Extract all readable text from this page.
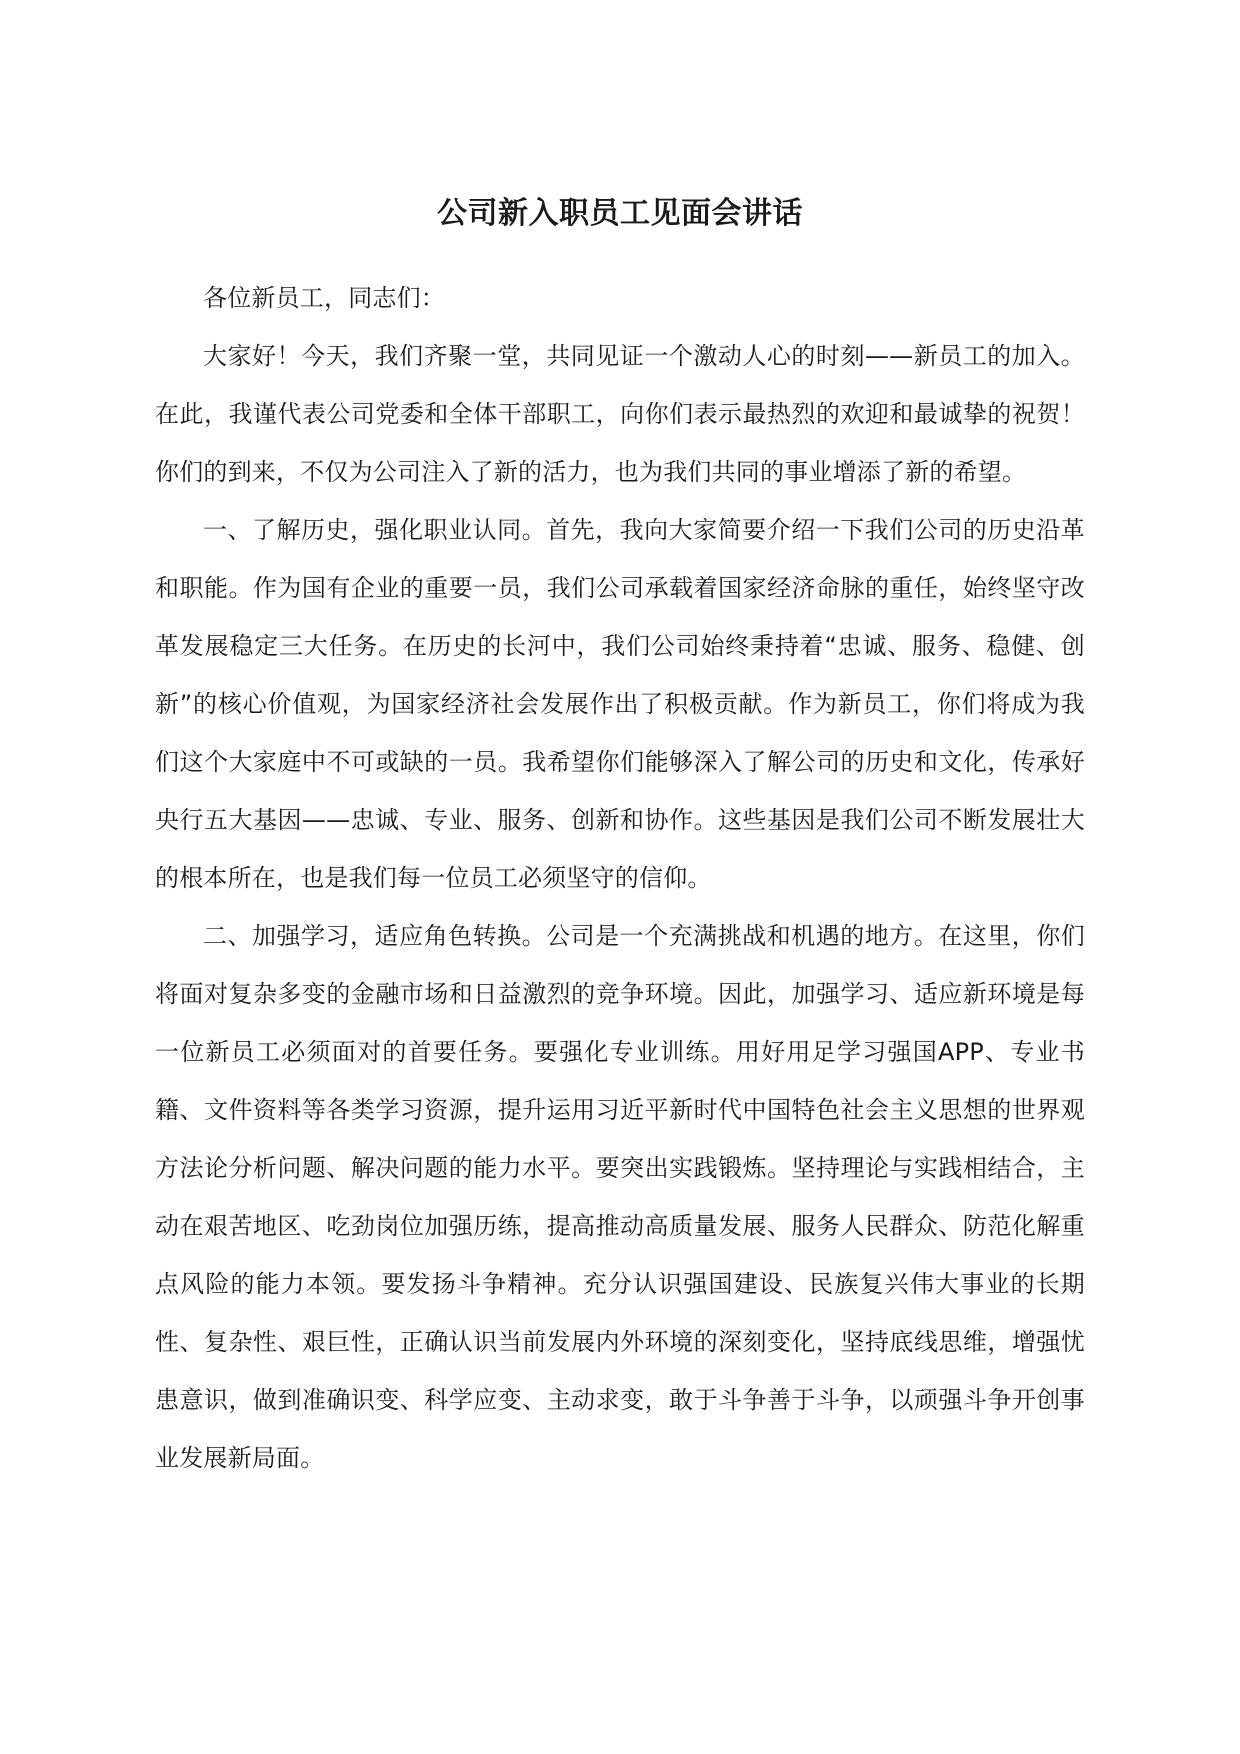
公司新入职员工见面会讲话

各位新员工，同志们：

大家好！今天，我们齐聚一堂，共同见证一个激动人心的时刻——新员工的加入。在此，我谨代表公司党委和全体干部职工，向你们表示最热烈的欢迎和最诚挚的祝贺！你们的到来，不仅为公司注入了新的活力，也为我们共同的事业增添了新的希望。

一、了解历史，强化职业认同。首先，我向大家简要介绍一下我们公司的历史沿革和职能。作为国有企业的重要一员，我们公司承载着国家经济命脉的重任，始终坚守改革发展稳定三大任务。在历史的长河中，我们公司始终秉持着“忠诚、服务、稳健、创新”的核心价值观，为国家经济社会发展作出了积极贡献。作为新员工，你们将成为我们这个大家庭中不可或缺的一员。我希望你们能够深入了解公司的历史和文化，传承好央行五大基因——忠诚、专业、服务、创新和协作。这些基因是我们公司不断发展壮大的根本所在，也是我们每一位员工必须坚守的信仰。

二、加强学习，适应角色转换。公司是一个充满挑战和机遇的地方。在这里，你们将面对复杂多变的金融市场和日益激烈的竞争环境。因此，加强学习、适应新环境是每一位新员工必须面对的首要任务。要强化专业训练。用好用足学习强国APP、专业书籍、文件资料等各类学习资源，提升运用习近平新时代中国特色社会主义思想的世界观方法论分析问题、解决问题的能力水平。要突出实践锻炼。坚持理论与实践相结合，主动在艰苦地区、吃劲岗位加强历练，提高推动高质量发展、服务人民群众、防范化解重点风险的能力本领。要发扬斗争精神。充分认识强国建设、民族复兴伟大事业的长期性、复杂性、艰巨性，正确认识当前发展内外环境的深刻变化，坚持底线思维，增强忧患意识，做到准确识变、科学应变、主动求变，敢于斗争善于斗争，以顽强斗争开创事业发展新局面。
